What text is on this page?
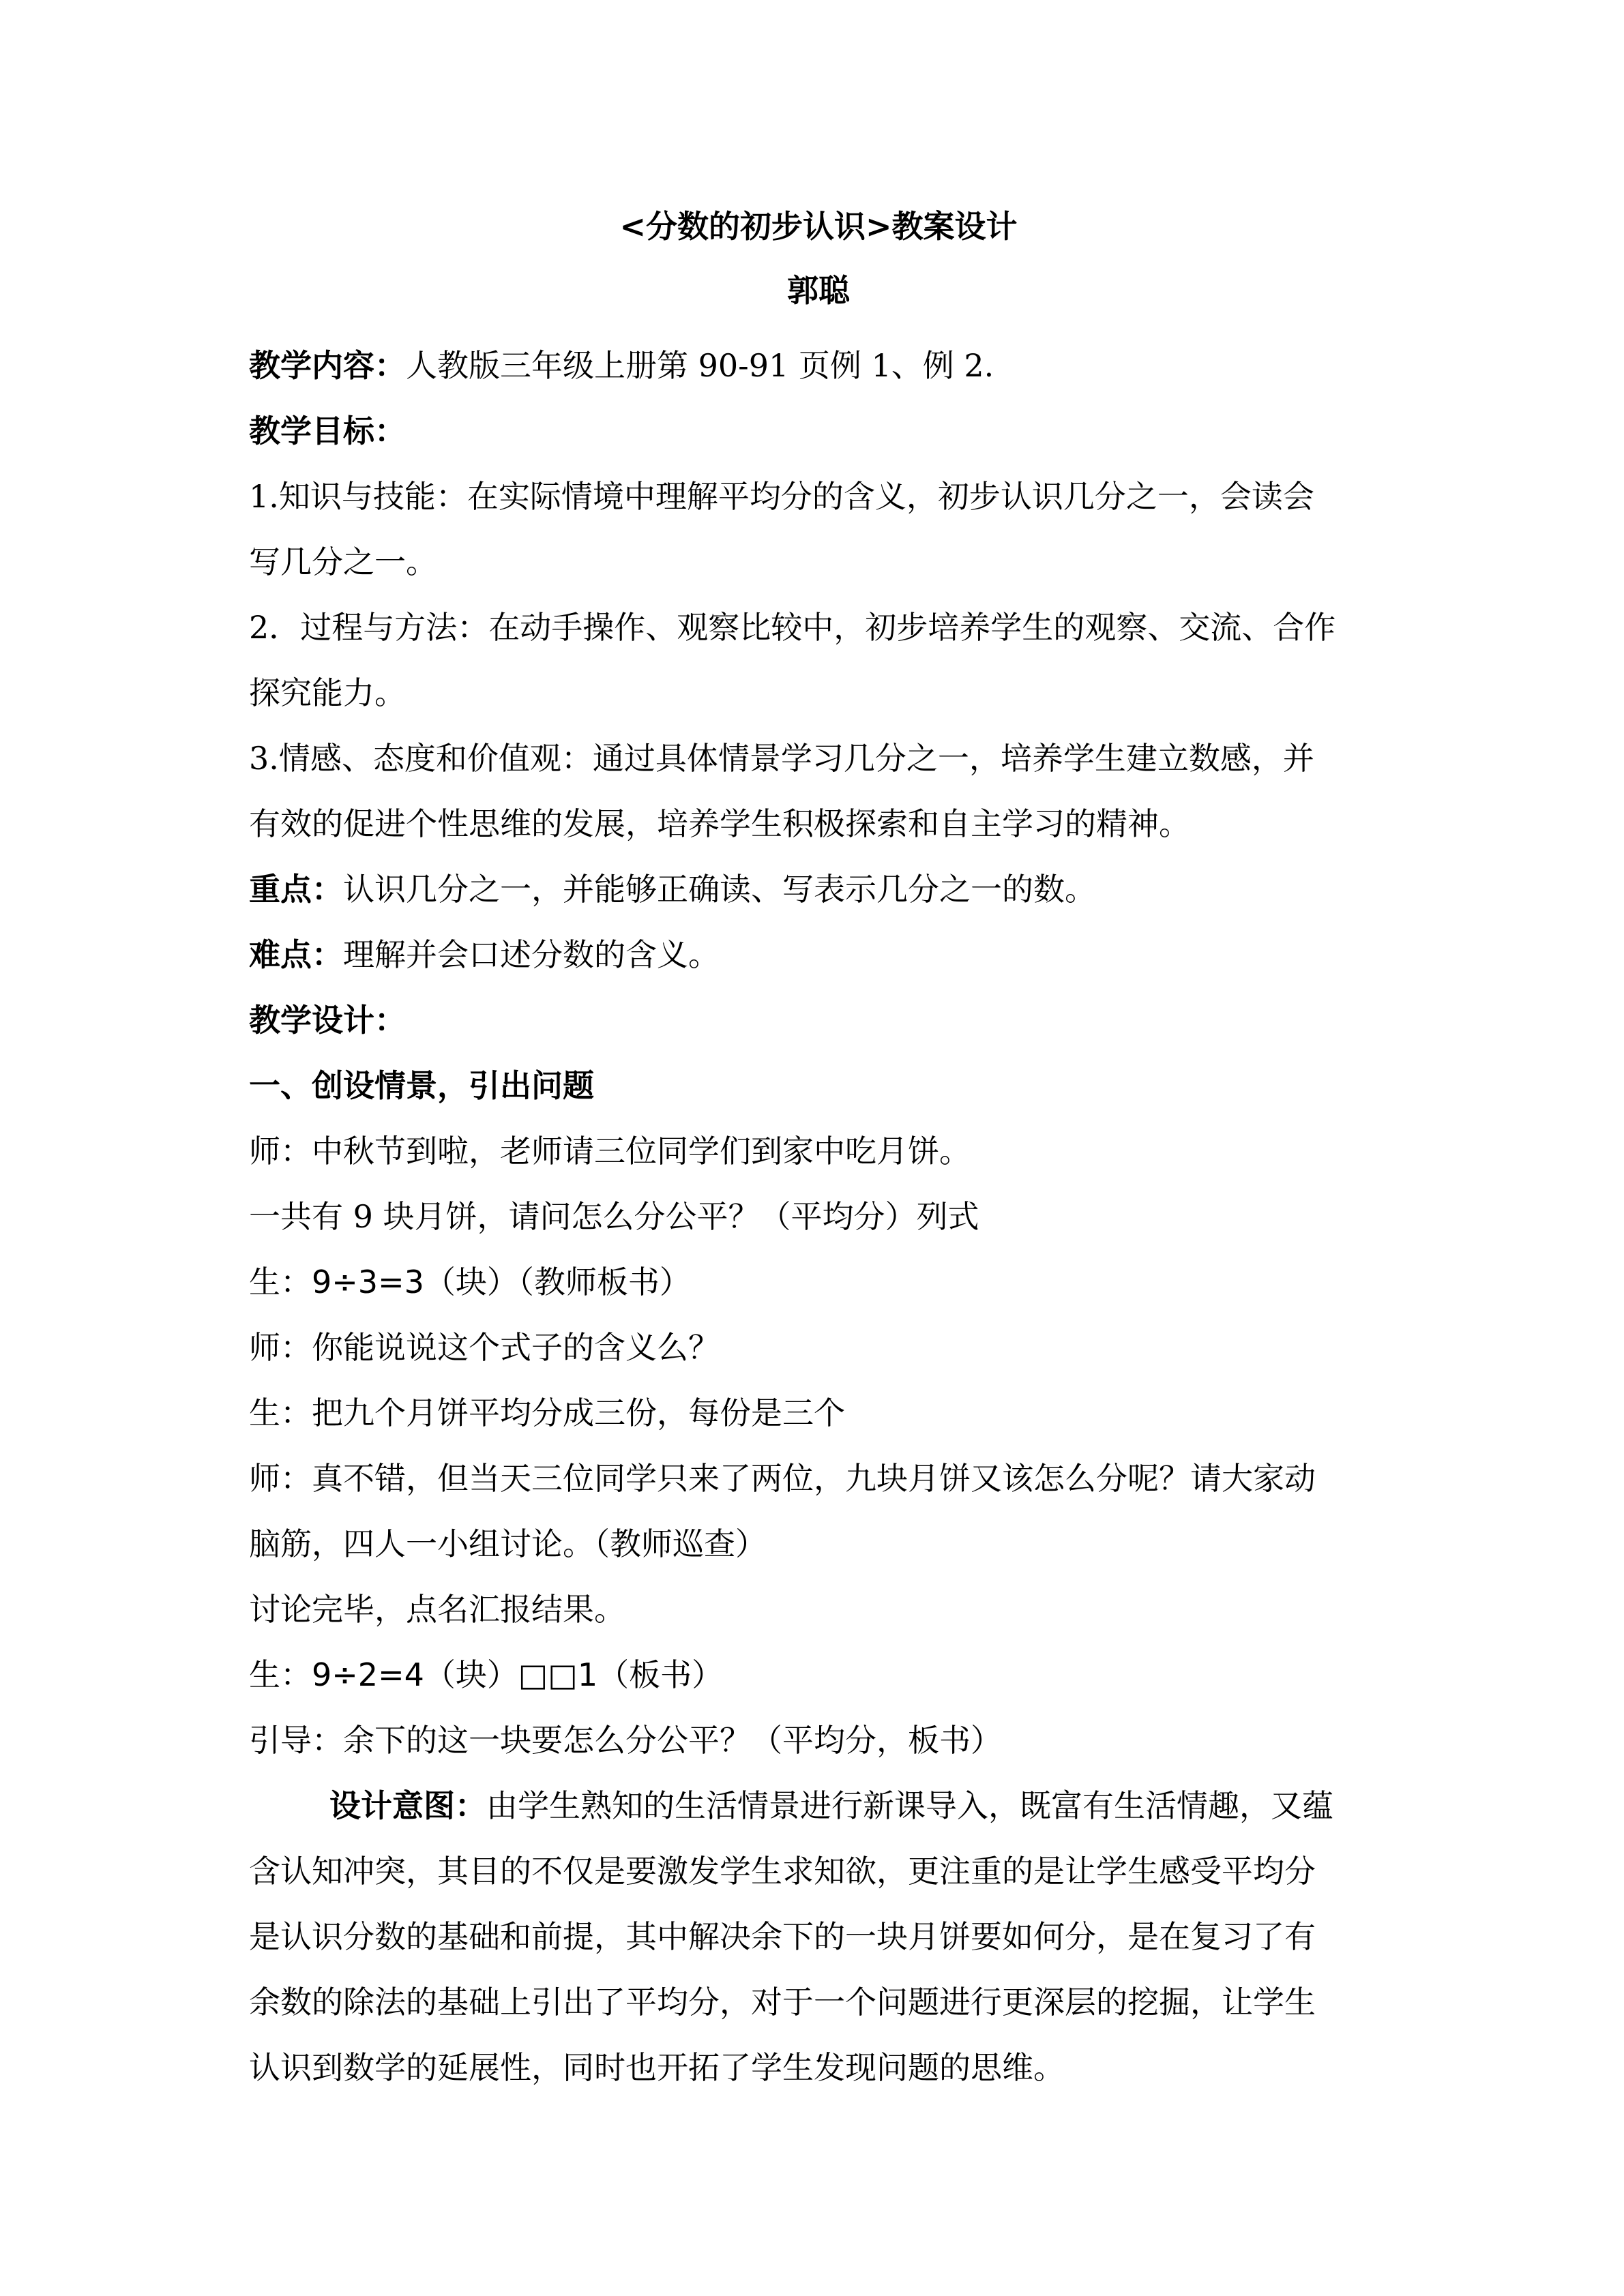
<分数的初步认识>教案设计
郭聪
教学内容：人教版三年级上册第 90-91 页例 1、例 2.
教学目标：
1.知识与技能：在实际情境中理解平均分的含义，初步认识几分之一，会读会
写几分之一。
2．过程与方法：在动手操作、观察比较中，初步培养学生的观察、交流、合作
探究能力。
3.情感、态度和价值观：通过具体情景学习几分之一，培养学生建立数感，并
有效的促进个性思维的发展，培养学生积极探索和自主学习的精神。
重点：认识几分之一，并能够正确读、写表示几分之一的数。
难点：理解并会口述分数的含义。
教学设计：
一、创设情景，引出问题
师：中秋节到啦，老师请三位同学们到家中吃月饼。
一共有 9 块月饼，请问怎么分公平？（平均分）列式
生：9÷3=3（块）（教师板书）
师：你能说说这个式子的含义么？
生：把九个月饼平均分成三份，每份是三个
师：真不错，但当天三位同学只来了两位，九块月饼又该怎么分呢？请大家动
脑筋，四人一小组讨论。（教师巡查）
讨论完毕，点名汇报结果。
生：9÷2=4（块）□□1（板书）
引导：余下的这一块要怎么分公平？（平均分，板书）
设计意图：由学生熟知的生活情景进行新课导入，既富有生活情趣，又蕴
含认知冲突，其目的不仅是要激发学生求知欲，更注重的是让学生感受平均分
是认识分数的基础和前提，其中解决余下的一块月饼要如何分，是在复习了有
余数的除法的基础上引出了平均分，对于一个问题进行更深层的挖掘，让学生
认识到数学的延展性，同时也开拓了学生发现问题的思维。
